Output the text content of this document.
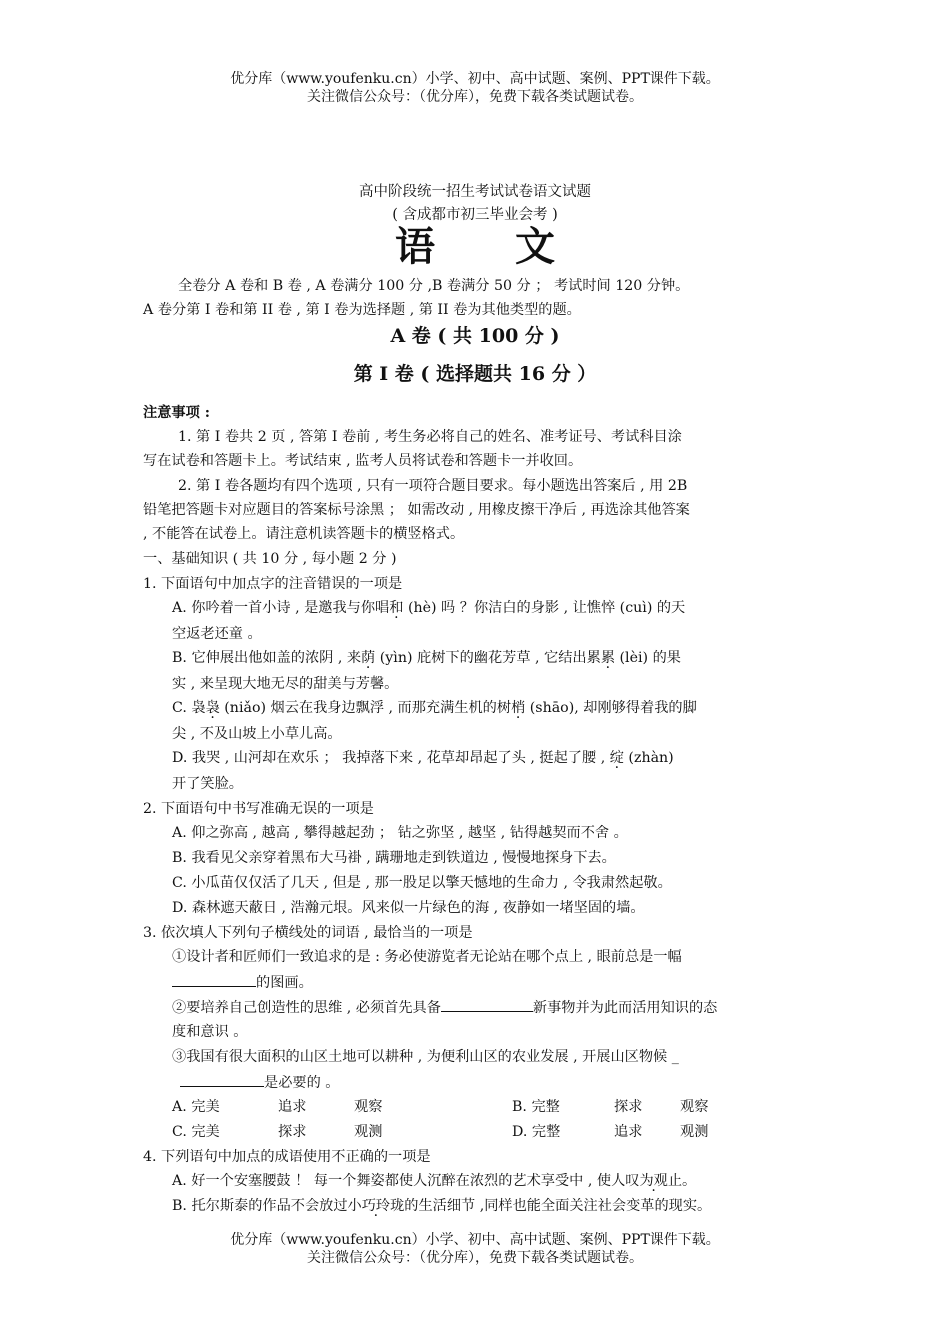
优分库（www.youfenku.cn）小学、初中、高中试题、案例、PPT课件下载。
关注微信公众号：（优分库），免费下载各类试题试卷。
高中阶段统一招生考试试卷语文试题
( 含成都市初三毕业会考 )
语　　文
全卷分 A 卷和 B 卷 , A 卷满分 100 分 ,B 卷满分 50 分 ； 考试时间 120 分钟。
A 卷分第 I 卷和第 II 卷 , 第 I 卷为选择题 , 第 II 卷为其他类型的题。
A 卷 ( 共 100 分 )
第 I 卷 ( 选择题共 16 分 ）
注意事项 :
1. 第 I 卷共 2 页 , 答第 I 卷前 , 考生务必将自己的姓名、准考证号、考试科目涂
写在试卷和答题卡上。考试结束 , 监考人员将试卷和答题卡一并收回。
2. 第 I 卷各题均有四个选项 , 只有一项符合题目要求。每小题选出答案后 , 用 2B
铅笔把答题卡对应题目的答案标号涂黑 ； 如需改动 , 用橡皮擦干净后 , 再选涂其他答案
, 不能答在试卷上。请注意机读答题卡的横竖格式。
一、基础知识 ( 共 10 分 , 每小题 2 分 )
1. 下面语句中加点字的注音错误的一项是
A. 你吟着一首小诗 , 是邀我与你唱和 (hè) 吗 ？你洁白的身影 , 让憔悴 (cuì) 的天
空返老还童 。
B. 它伸展出他如盖的浓阴 , 来荫 (yìn) 庇树下的幽花芳草 , 它结出累累 (lèi) 的果
实 , 来呈现大地无尽的甜美与芳馨。
C. 袅袅 (niǎo) 烟云在我身边飘浮 , 而那充满生机的树梢 (shāo), 却刚够得着我的脚
尖 , 不及山坡上小草儿高。
D. 我哭 , 山河却在欢乐 ； 我掉落下来 , 花草却昂起了头 , 挺起了腰 , 绽 (zhàn)
开了笑脸。
2. 下面语句中书写准确无误的一项是
A. 仰之弥高 , 越高 , 攀得越起劲 ； 钻之弥坚 , 越坚 , 钻得越契而不舍 。
B. 我看见父亲穿着黑布大马褂 , 蹒珊地走到铁道边 , 慢慢地探身下去。
C. 小瓜苗仅仅活了几天 , 但是 , 那一股足以擎天憾地的生命力 , 令我肃然起敬。
D. 森林遮天蔽日 , 浩瀚元垠。风来似一片绿色的海 , 夜静如一堵坚固的墙。
3. 依次填人下列句子横线处的词语 , 最恰当的一项是
①设计者和匠师们一致追求的是 : 务必使游览者无论站在哪个点上 , 眼前总是一幅
的图画。
②要培养自己创造性的思维 , 必须首先具备	新事物并为此而活用知识的态
度和意识 。
③我国有很大面积的山区土地可以耕种 , 为便利山区的农业发展 , 开展山区物候 _
是必要的 。
A. 完美	追求	观察	B. 完整	探求	观察
C. 完美	探求	观测	D. 完整	追求	观测
4. 下列语句中加点的成语使用不正确的一项是
A. 好一个安塞腰鼓 ！ 每一个舞姿都使人沉醉在浓烈的艺术享受中 , 使人叹为观止。
B. 托尔斯泰的作品不会放过小巧玲珑的生活细节 ,同样也能全面关注社会变革的现实。
优分库（www.youfenku.cn）小学、初中、高中试题、案例、PPT课件下载。
关注微信公众号：（优分库），免费下载各类试题试卷。
